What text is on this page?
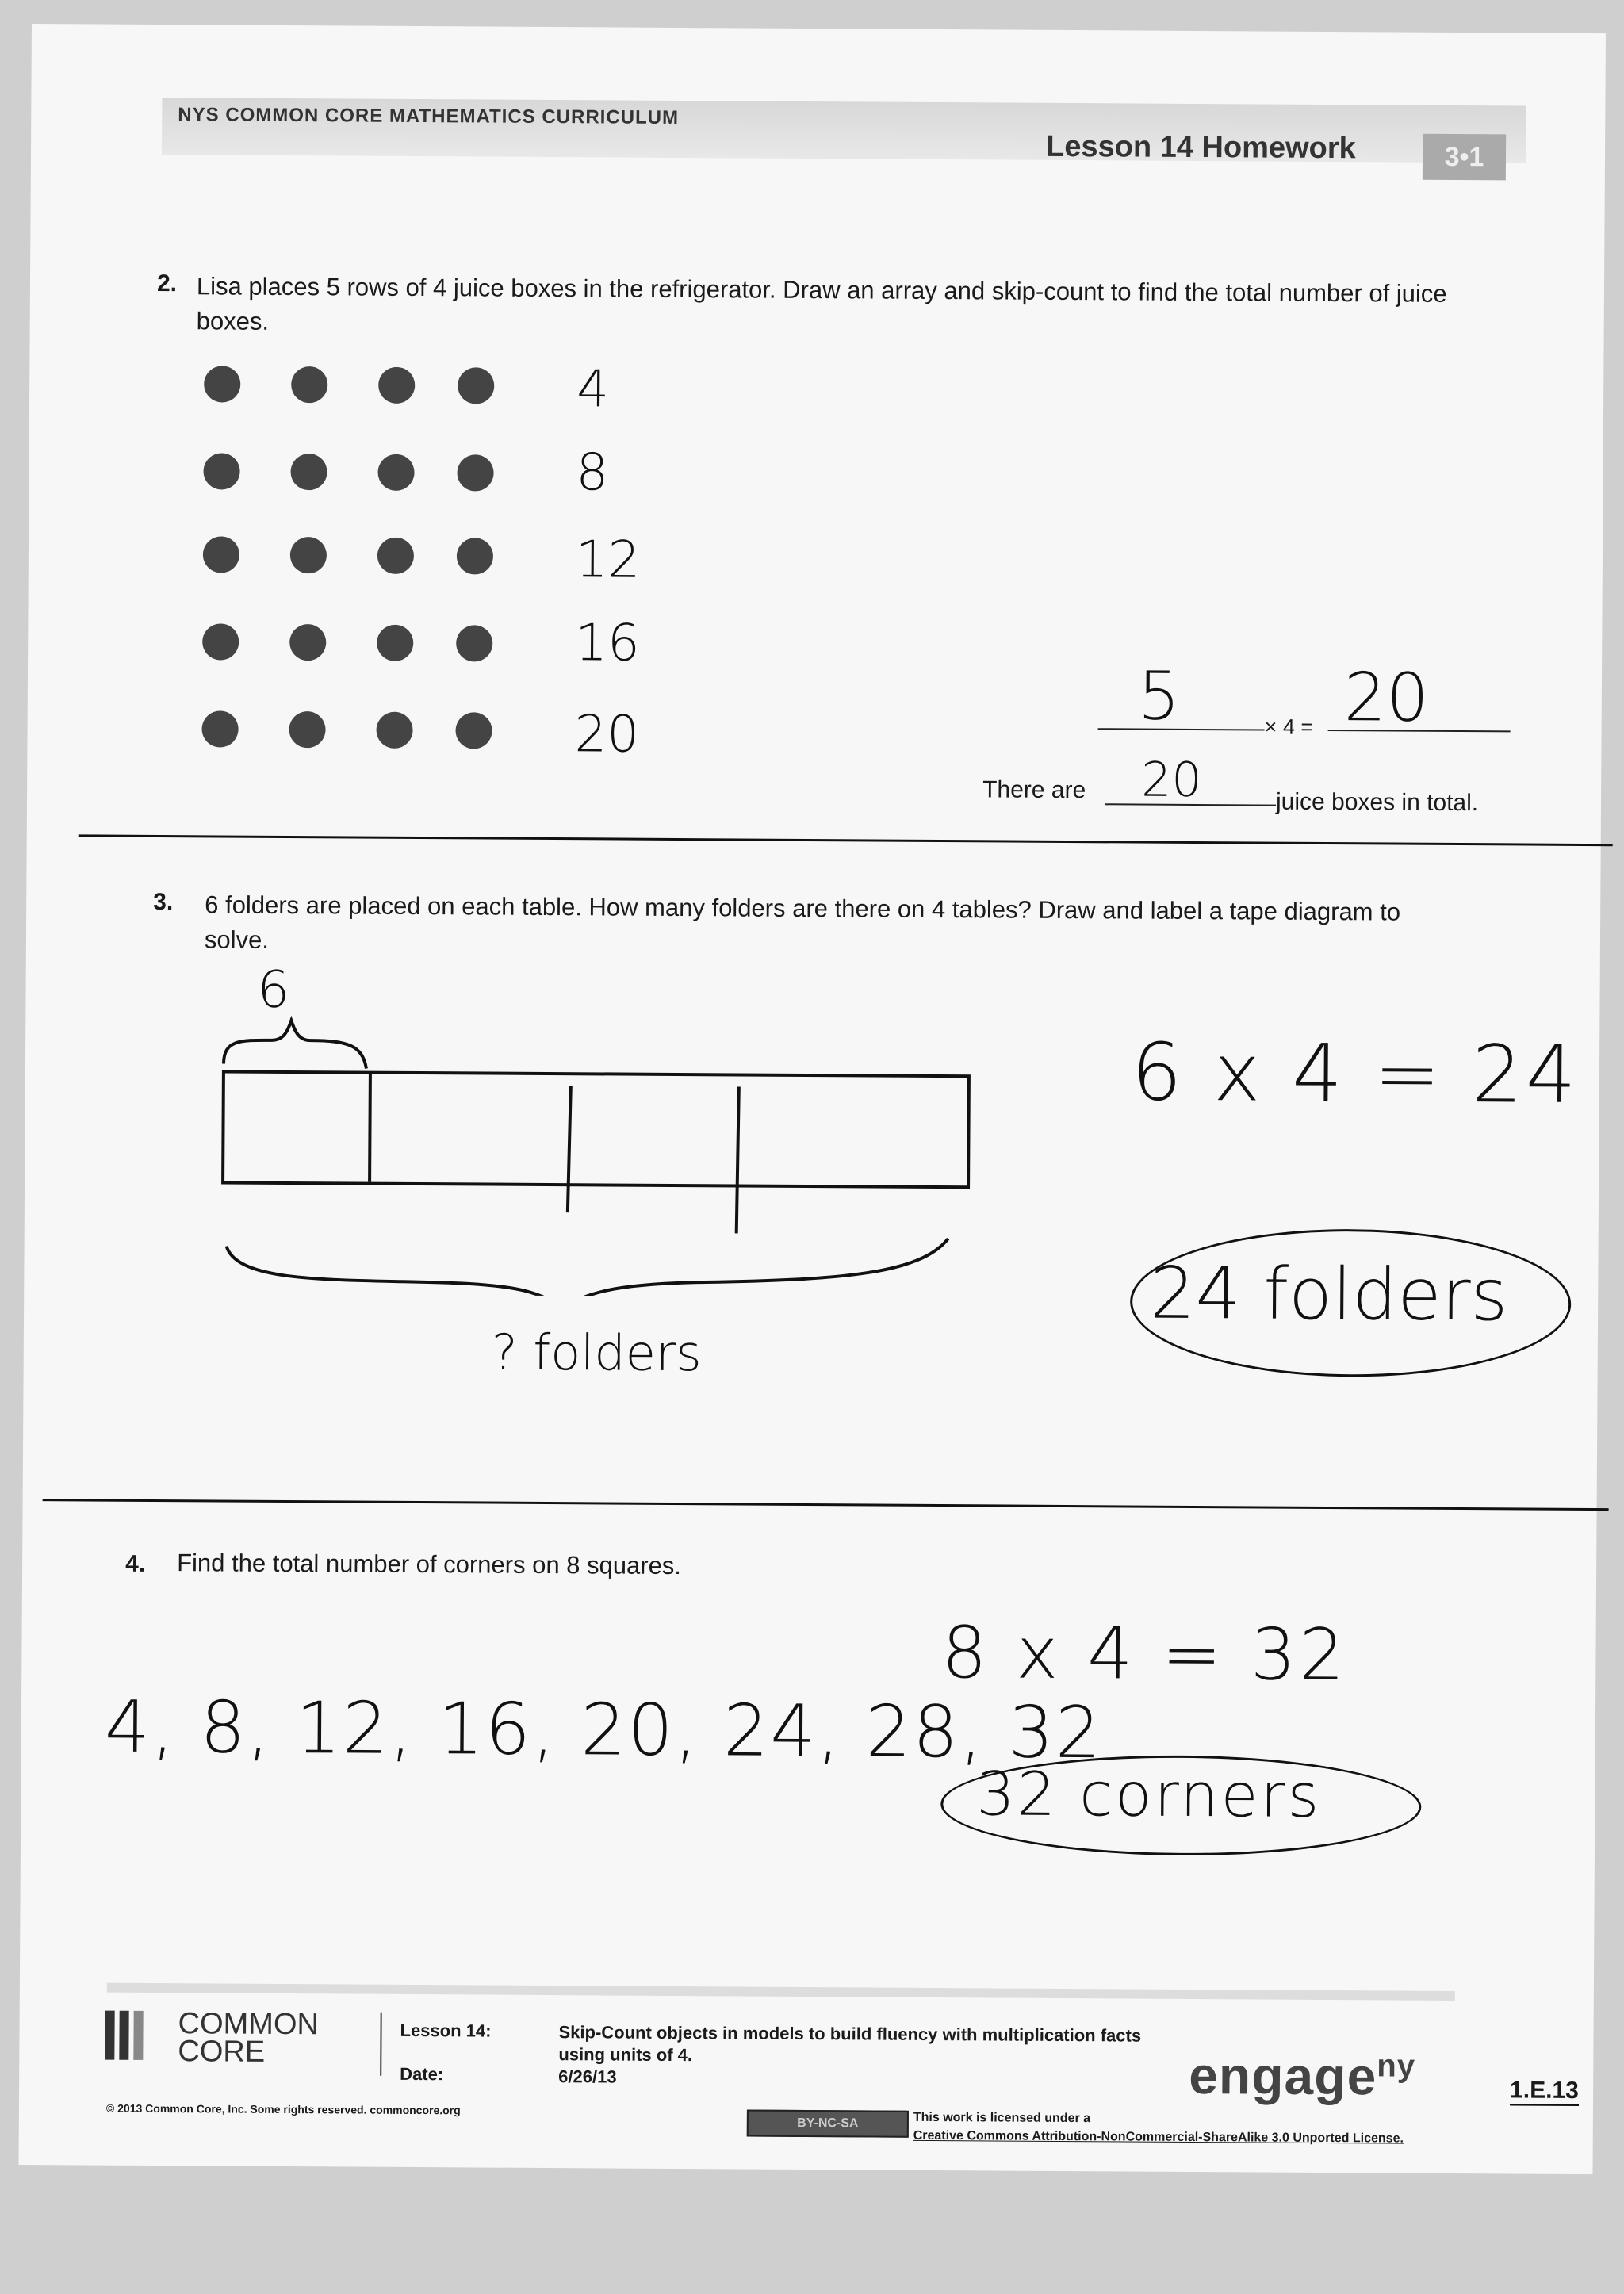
NYS COMMON CORE MATHEMATICS CURRICULUM
Lesson 14 Homework	3•1
2. Lisa places 5 rows of 4 juice boxes in the refrigerator. Draw an array and skip-count to find the total number of juice boxes.
4
8
12
16
20	5	× 4 = 20
There are 20	juice boxes in total.
3. 6 folders are placed on each table. How many folders are there on 4 tables? Draw and label a tape diagram to solve.
6
? folders
6 x 4 = 24
24 folders
4. Find the total number of corners on 8 squares.
8 x 4 = 32
4, 8, 12, 16, 20, 24, 28, 32
32 corners
COMMON
CORE
Lesson 14:
Date:
Skip-Count objects in models to build fluency with multiplication facts using units of 4.
6/26/13
© 2013 Common Core, Inc. Some rights reserved. commoncore.org
BY-NC-SA	This work is licensed under a
Creative Commons Attribution-NonCommercial-ShareAlike 3.0 Unported License.
engage$^{ny}$
1.E.13
